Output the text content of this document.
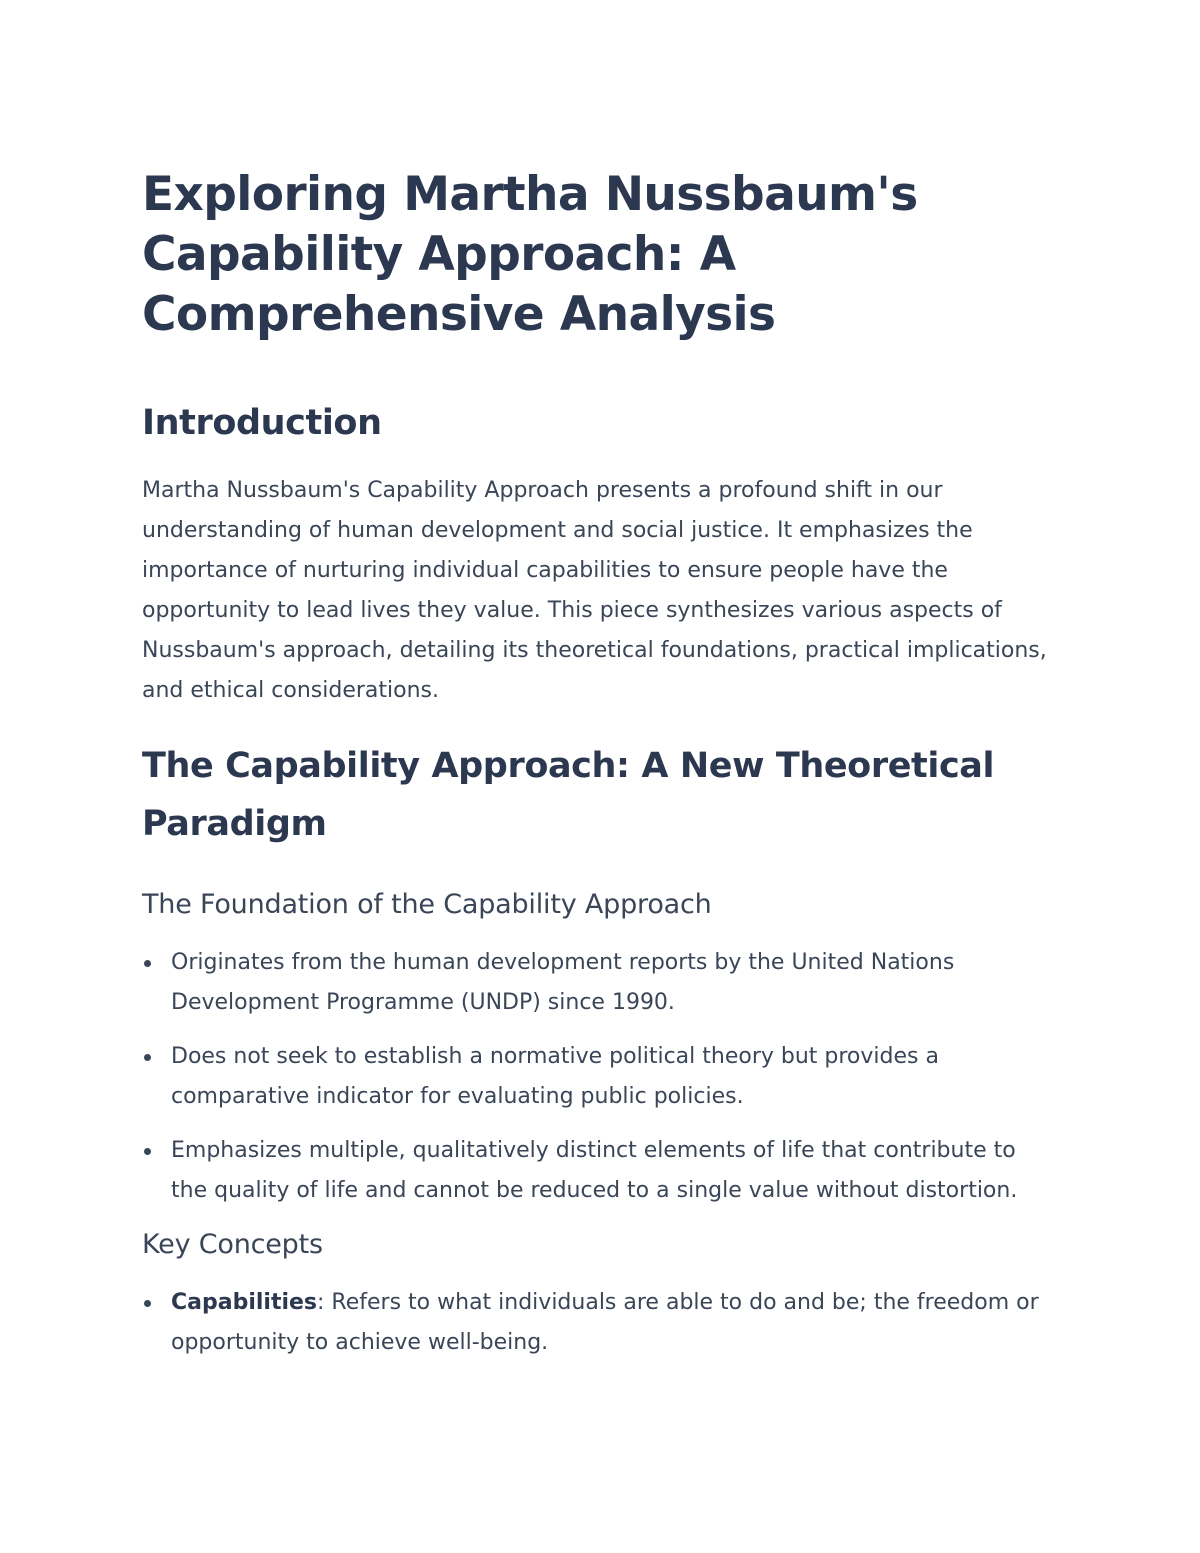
Exploring Martha Nussbaum's Capability Approach: A Comprehensive Analysis
Introduction

Martha Nussbaum's Capability Approach presents a profound shift in our understanding of human development and social justice. It emphasizes the importance of nurturing individual capabilities to ensure people have the opportunity to lead lives they value. This piece synthesizes various aspects of Nussbaum's approach, detailing its theoretical foundations, practical implications, and ethical considerations.

The Capability Approach: A New Theoretical Paradigm
The Foundation of the Capability Approach
Originates from the human development reports by the United Nations Development Programme (UNDP) since 1990.
Does not seek to establish a normative political theory but provides a comparative indicator for evaluating public policies.
Emphasizes multiple, qualitatively distinct elements of life that contribute to the quality of life and cannot be reduced to a single value without distortion.
Key Concepts
Capabilities: Refers to what individuals are able to do and be; the freedom or opportunity to achieve well-being.
